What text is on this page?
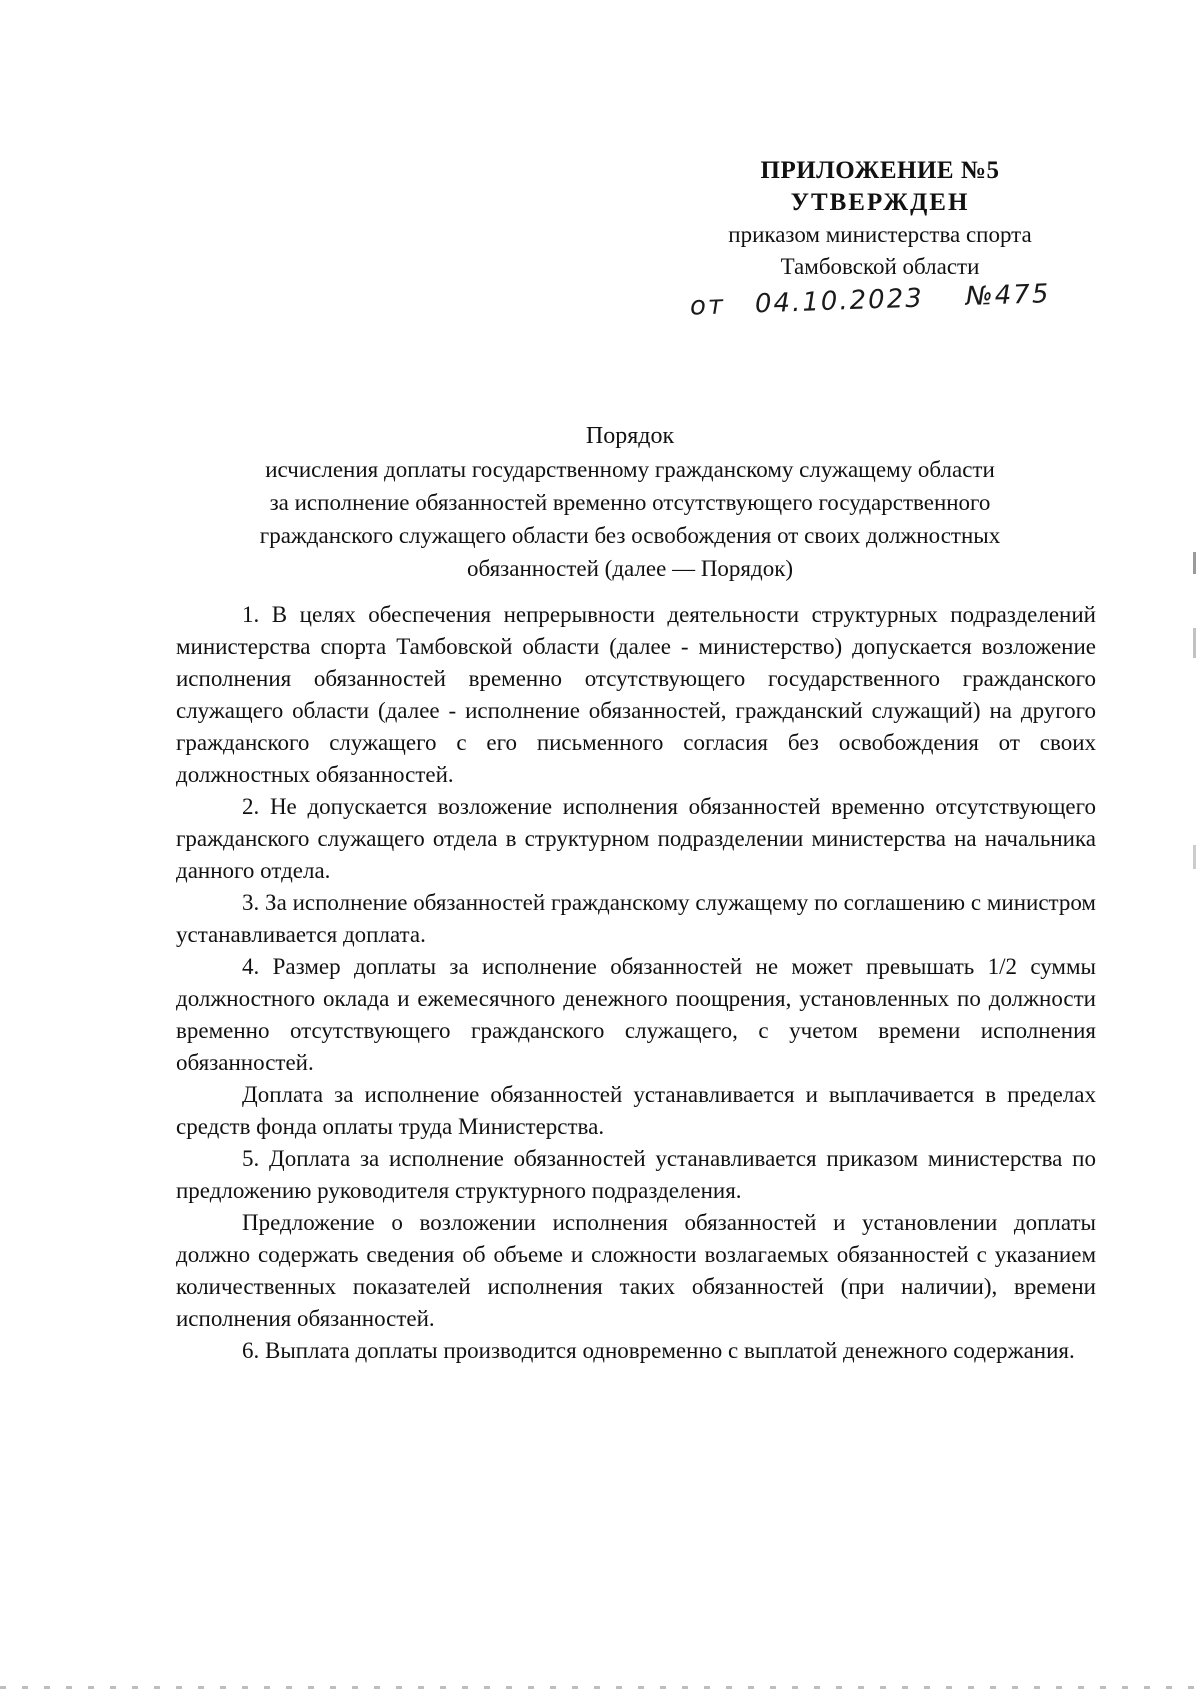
ПРИЛОЖЕНИЕ №5
УТВЕРЖДЕН
приказом министерства спорта
Тамбовской области
от 04.10.2023 №475
Порядок
исчисления доплаты государственному гражданскому служащему области
за исполнение обязанностей временно отсутствующего государственного
гражданского служащего области без освобождения от своих должностных
обязанностей (далее — Порядок)

1. В целях обеспечения непрерывности деятельности структурных подразделений министерства спорта Тамбовской области (далее - министерство) допускается возложение исполнения обязанностей временно отсутствующего государственного гражданского служащего области (далее - исполнение обязанностей, гражданский служащий) на другого гражданского служащего с его письменного согласия без освобождения от своих должностных обязанностей.

2. Не допускается возложение исполнения обязанностей временно отсутствующего гражданского служащего отдела в структурном подразделении министерства на начальника данного отдела.

3. За исполнение обязанностей гражданскому служащему по соглашению с министром устанавливается доплата.

4. Размер доплаты за исполнение обязанностей не может превышать 1/2 суммы должностного оклада и ежемесячного денежного поощрения, установленных по должности временно отсутствующего гражданского служащего, с учетом времени исполнения обязанностей.

Доплата за исполнение обязанностей устанавливается и выплачивается в пределах средств фонда оплаты труда Министерства.

5. Доплата за исполнение обязанностей устанавливается приказом министерства по предложению руководителя структурного подразделения.

Предложение о возложении исполнения обязанностей и установлении доплаты должно содержать сведения об объеме и сложности возлагаемых обязанностей с указанием количественных показателей исполнения таких обязанностей (при наличии), времени исполнения обязанностей.

6. Выплата доплаты производится одновременно с выплатой денежного содержания.
